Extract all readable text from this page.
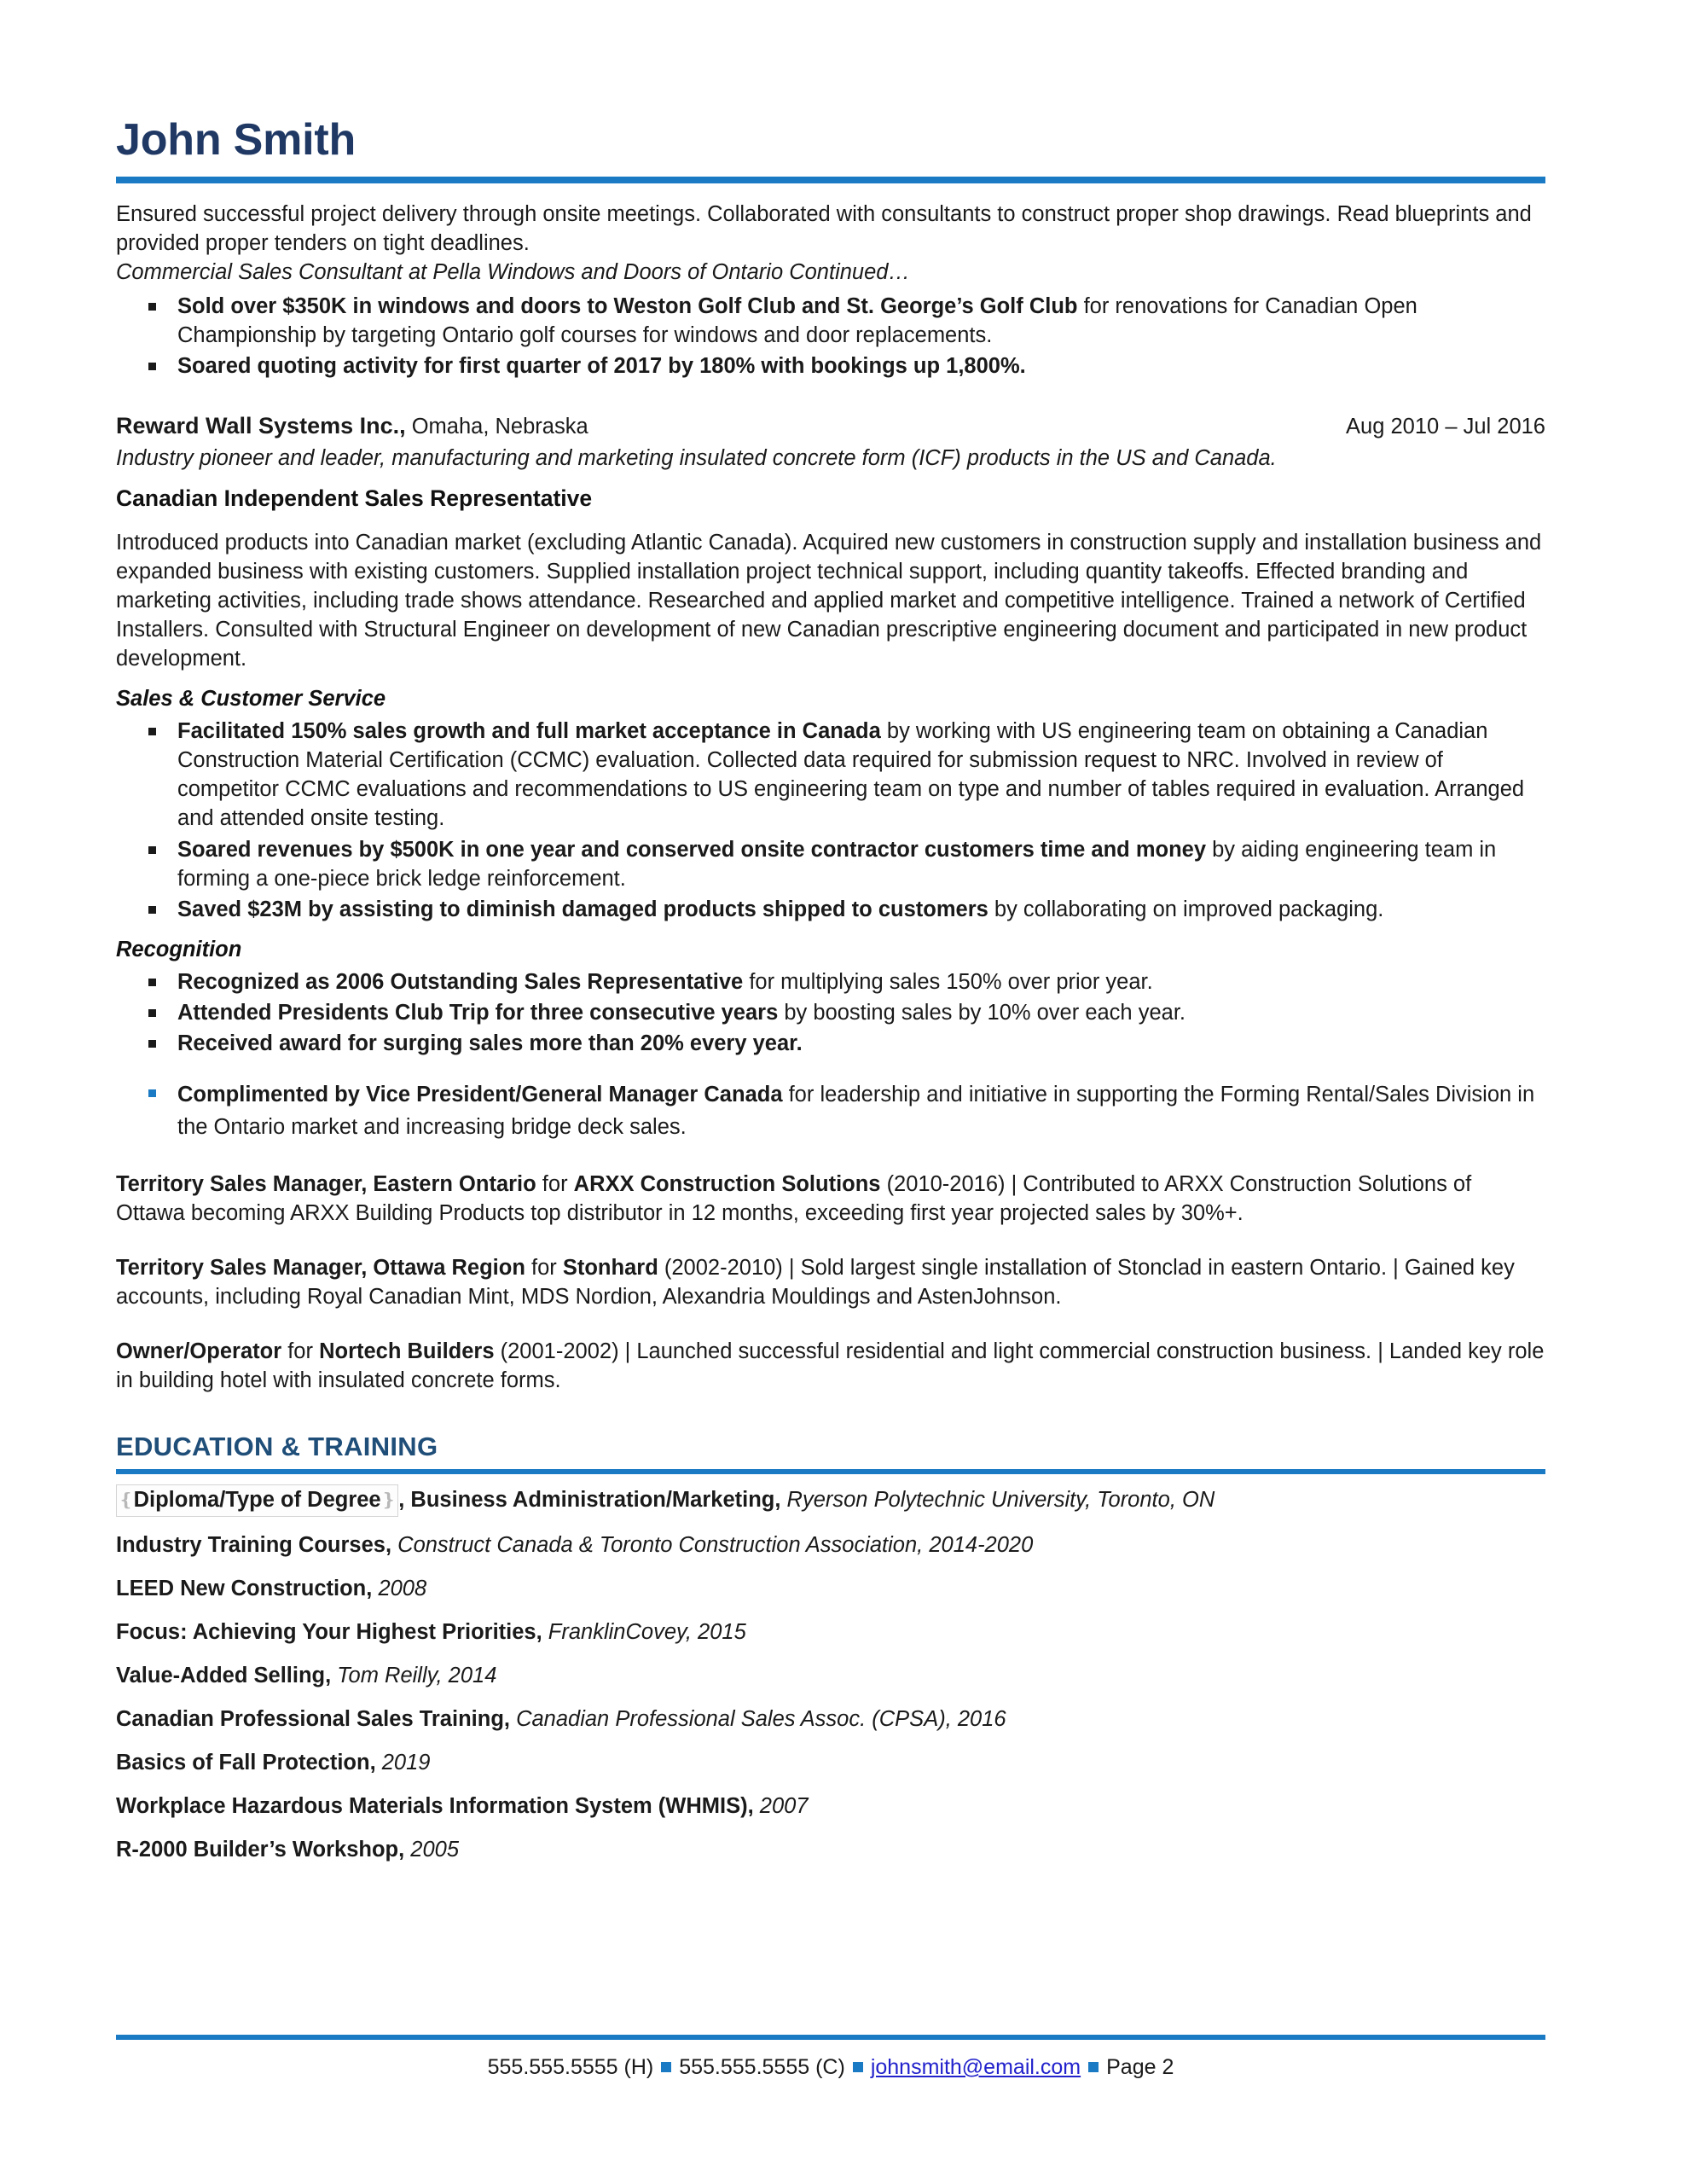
John Smith
Ensured successful project delivery through onsite meetings. Collaborated with consultants to construct proper shop drawings. Read blueprints and provided proper tenders on tight deadlines.
Commercial Sales Consultant at Pella Windows and Doors of Ontario Continued…
Sold over $350K in windows and doors to Weston Golf Club and St. George’s Golf Club for renovations for Canadian Open Championship by targeting Ontario golf courses for windows and door replacements.
Soared quoting activity for first quarter of 2017 by 180% with bookings up 1,800%.
Reward Wall Systems Inc., Omaha, Nebraska	Aug 2010 – Jul 2016
Industry pioneer and leader, manufacturing and marketing insulated concrete form (ICF) products in the US and Canada.
Canadian Independent Sales Representative
Introduced products into Canadian market (excluding Atlantic Canada). Acquired new customers in construction supply and installation business and expanded business with existing customers. Supplied installation project technical support, including quantity takeoffs. Effected branding and marketing activities, including trade shows attendance. Researched and applied market and competitive intelligence. Trained a network of Certified Installers. Consulted with Structural Engineer on development of new Canadian prescriptive engineering document and participated in new product development.
Sales & Customer Service
Facilitated 150% sales growth and full market acceptance in Canada by working with US engineering team on obtaining a Canadian Construction Material Certification (CCMC) evaluation. Collected data required for submission request to NRC. Involved in review of competitor CCMC evaluations and recommendations to US engineering team on type and number of tables required in evaluation. Arranged and attended onsite testing.
Soared revenues by $500K in one year and conserved onsite contractor customers time and money by aiding engineering team in forming a one-piece brick ledge reinforcement.
Saved $23M by assisting to diminish damaged products shipped to customers by collaborating on improved packaging.
Recognition
Recognized as 2006 Outstanding Sales Representative for multiplying sales 150% over prior year.
Attended Presidents Club Trip for three consecutive years by boosting sales by 10% over each year.
Received award for surging sales more than 20% every year.
Complimented by Vice President/General Manager Canada for leadership and initiative in supporting the Forming Rental/Sales Division in the Ontario market and increasing bridge deck sales.
Territory Sales Manager, Eastern Ontario for ARXX Construction Solutions (2010-2016) | Contributed to ARXX Construction Solutions of Ottawa becoming ARXX Building Products top distributor in 12 months, exceeding first year projected sales by 30%+.
Territory Sales Manager, Ottawa Region for Stonhard (2002-2010) | Sold largest single installation of Stonclad in eastern Ontario. | Gained key accounts, including Royal Canadian Mint, MDS Nordion, Alexandria Mouldings and AstenJohnson.
Owner/Operator for Nortech Builders (2001-2002) | Launched successful residential and light commercial construction business. | Landed key role in building hotel with insulated concrete forms.
EDUCATION & TRAINING
❴Diploma/Type of Degree❵ , Business Administration/Marketing, Ryerson Polytechnic University, Toronto, ON
Industry Training Courses, Construct Canada & Toronto Construction Association, 2014-2020
LEED New Construction, 2008
Focus: Achieving Your Highest Priorities, FranklinCovey, 2015
Value-Added Selling, Tom Reilly, 2014
Canadian Professional Sales Training, Canadian Professional Sales Assoc. (CPSA), 2016
Basics of Fall Protection, 2019
Workplace Hazardous Materials Information System (WHMIS), 2007
R-2000 Builder’s Workshop, 2005
555.555.5555 (H) 555.555.5555 (C) johnsmith@email.com Page 2
